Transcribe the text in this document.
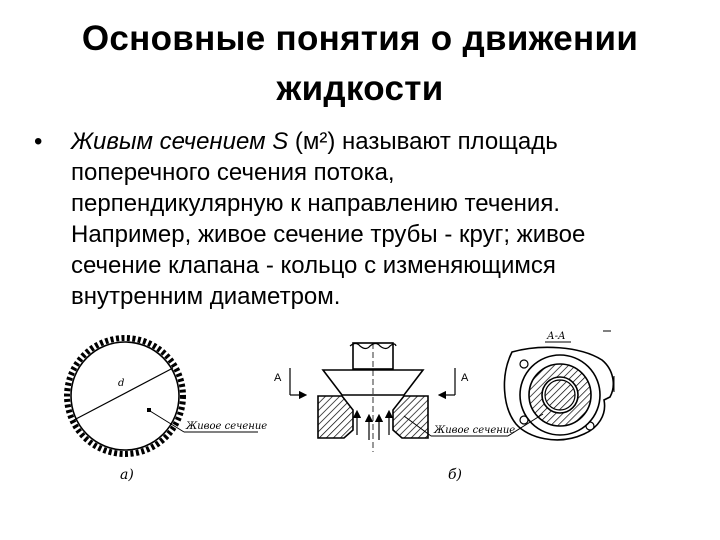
Основные понятия о движении
жидкости
• Живым сечением S (м²) называют площадь
поперечного сечения потока,
перпендикулярную к направлению течения.
Например, живое сечение трубы - круг; живое
сечение клапана - кольцо с изменяющимся
внутренним диаметром.
d
Живое сечение
а)
А	А
Живое сечение
А-А
б)
